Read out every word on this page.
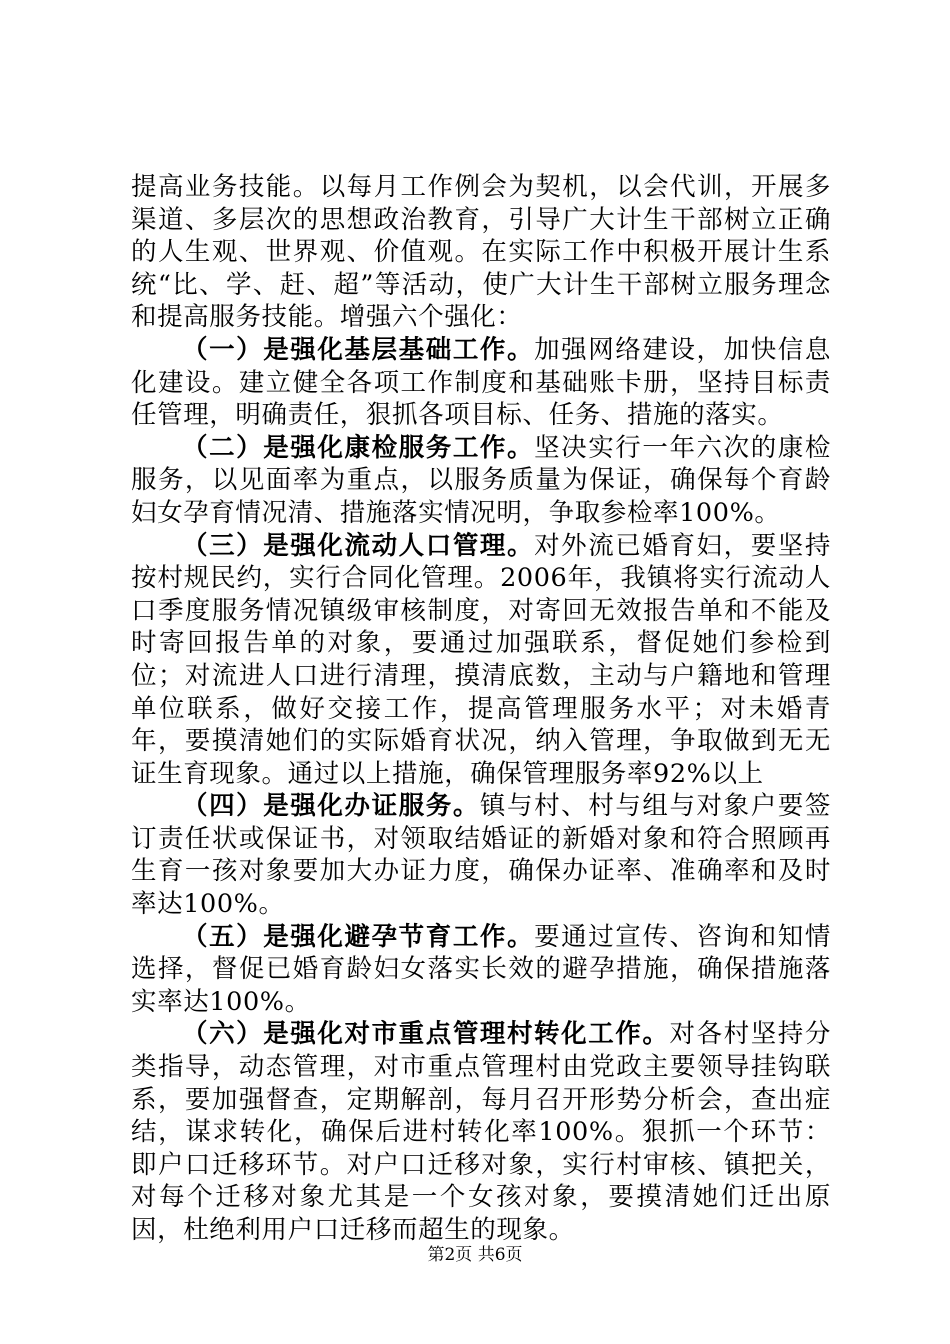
提高业务技能。以每月工作例会为契机，以会代训，开展多渠道、多层次的思想政治教育，引导广大计生干部树立正确的人生观、世界观、价值观。在实际工作中积极开展计生系统“比、学、赶、超”等活动，使广大计生干部树立服务理念和提高服务技能。增强六个强化：

（一）是强化基层基础工作。加强网络建设，加快信息化建设。建立健全各项工作制度和基础账卡册，坚持目标责任管理，明确责任，狠抓各项目标、任务、措施的落实。

（二）是强化康检服务工作。坚决实行一年六次的康检服务，以见面率为重点，以服务质量为保证，确保每个育龄妇女孕育情况清、措施落实情况明，争取参检率100%。

（三）是强化流动人口管理。对外流已婚育妇，要坚持按村规民约，实行合同化管理。2006年，我镇将实行流动人口季度服务情况镇级审核制度，对寄回无效报告单和不能及时寄回报告单的对象，要通过加强联系，督促她们参检到位；对流进人口进行清理，摸清底数，主动与户籍地和管理单位联系，做好交接工作，提高管理服务水平；对未婚青年，要摸清她们的实际婚育状况，纳入管理，争取做到无无证生育现象。通过以上措施，确保管理服务率92%以上

（四）是强化办证服务。镇与村、村与组与对象户要签订责任状或保证书，对领取结婚证的新婚对象和符合照顾再生育一孩对象要加大办证力度，确保办证率、准确率和及时率达100%。

（五）是强化避孕节育工作。要通过宣传、咨询和知情选择，督促已婚育龄妇女落实长效的避孕措施，确保措施落实率达100%。

（六）是强化对市重点管理村转化工作。对各村坚持分类指导，动态管理，对市重点管理村由党政主要领导挂钩联系，要加强督查，定期解剖，每月召开形势分析会，查出症结，谋求转化，确保后进村转化率100%。狠抓一个环节：即户口迁移环节。对户口迁移对象，实行村审核、镇把关，对每个迁移对象尤其是一个女孩对象，要摸清她们迁出原因，杜绝利用户口迁移而超生的现象。

第2页 共6页
